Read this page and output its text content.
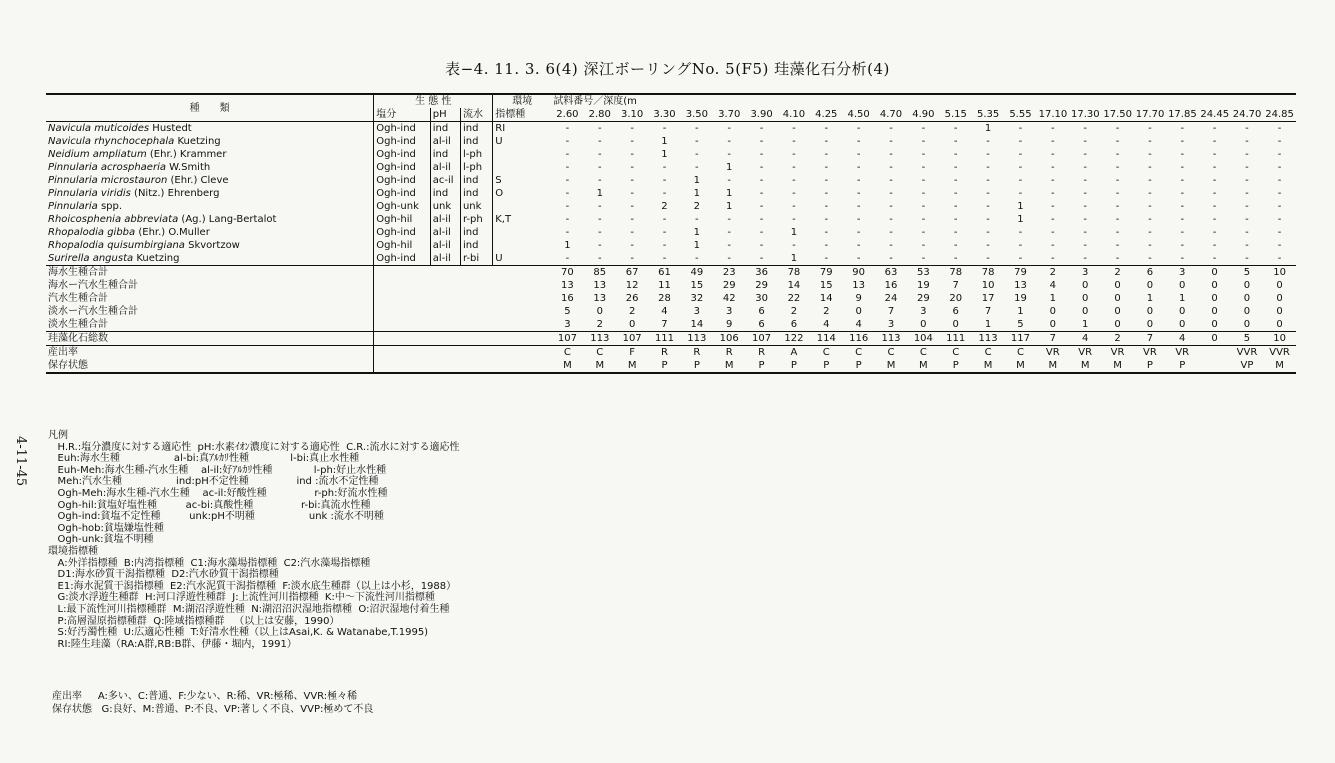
表−4. 11. 3. 6(4) 深江ボーリングNo. 5(F5) 珪藻化石分析(4)
4-11-45
種　　類	生 態 性			環境	試料番号／深度(m																						
	塩分	pH	流水	指標種	2.60	2.80	3.10	3.30	3.50	3.70	3.90	4.10	4.25	4.50	4.70	4.90	5.15	5.35	5.55	17.10	17.30	17.50	17.70	17.85	24.45	24.70	24.85
Navicula muticoides Hustedt	Ogh-ind	ind	ind	RI	-	-	-	-	-	-	-	-	-	-	-	-	-	1	-	-	-	-	-	-	-	-	-
Navicula rhynchocephala Kuetzing	Ogh-ind	al-il	ind	U	-	-	-	1	-	-	-	-	-	-	-	-	-	-	-	-	-	-	-	-	-	-	-
Neidium ampliatum (Ehr.) Krammer	Ogh-ind	ind	l-ph		-	-	-	1	-	-	-	-	-	-	-	-	-	-	-	-	-	-	-	-	-	-	-
Pinnularia acrosphaeria W.Smith	Ogh-ind	al-il	l-ph		-	-	-	-	-	1	-	-	-	-	-	-	-	-	-	-	-	-	-	-	-	-	-
Pinnularia microstauron (Ehr.) Cleve	Ogh-ind	ac-il	ind	S	-	-	-	-	1	-	-	-	-	-	-	-	-	-	-	-	-	-	-	-	-	-	-
Pinnularia viridis (Nitz.) Ehrenberg	Ogh-ind	ind	ind	O	-	1	-	-	1	1	-	-	-	-	-	-	-	-	-	-	-	-	-	-	-	-	-
Pinnularia spp.	Ogh-unk	unk	unk		-	-	-	2	2	1	-	-	-	-	-	-	-	-	1	-	-	-	-	-	-	-	-
Rhoicosphenia abbreviata (Ag.) Lang-Bertalot	Ogh-hil	al-il	r-ph	K,T	-	-	-	-	-	-	-	-	-	-	-	-	-	-	1	-	-	-	-	-	-	-	-
Rhopalodia gibba (Ehr.) O.Muller	Ogh-ind	al-il	ind		-	-	-	-	1	-	-	1	-	-	-	-	-	-	-	-	-	-	-	-	-	-	-
Rhopalodia quisumbirgiana Skvortzow	Ogh-hil	al-il	ind		1	-	-	-	1	-	-	-	-	-	-	-	-	-	-	-	-	-	-	-	-	-	-
Surirella angusta Kuetzing	Ogh-ind	al-il	r-bi	U	-	-	-	-	-	-	-	1	-	-	-	-	-	-	-	-	-	-	-	-	-	-	-
海水生種合計					70	85	67	61	49	23	36	78	79	90	63	53	78	78	79	2	3	2	6	3	0	5	10
海水ー汽水生種合計					13	13	12	11	15	29	29	14	15	13	16	19	7	10	13	4	0	0	0	0	0	0	0
汽水生種合計					16	13	26	28	32	42	30	22	14	9	24	29	20	17	19	1	0	0	1	1	0	0	0
淡水ー汽水生種合計					5	0	2	4	3	3	6	2	2	0	7	3	6	7	1	0	0	0	0	0	0	0	0
淡水生種合計					3	2	0	7	14	9	6	6	4	4	3	0	0	1	5	0	1	0	0	0	0	0	0
珪藻化石総数					107	113	107	111	113	106	107	122	114	116	113	104	111	113	117	7	4	2	7	4	0	5	10
産出率					C	C	F	R	R	R	R	A	C	C	C	C	C	C	C	VR	VR	VR	VR	VR		VVR	VVR
保存状態					M	M	M	P	P	M	P	P	P	P	M	M	P	M	M	M	M	M	P	P		VP	M
凡例
H.R.:塩分濃度に対する適応性  pH:水素ｲｵﾝ濃度に対する適応性  C.R.:流水に対する適応性
Euh:海水生種                 al-bi:真ｱﾙｶﾘ性種             l-bi:真止水性種
Euh-Meh:海水生種-汽水生種    al-il:好ｱﾙｶﾘ性種             l-ph:好止水性種
Meh:汽水生種                 ind:pH不定性種               ind :流水不定性種
Ogh-Meh:海水生種-汽水生種    ac-il:好酸性種               r-ph:好流水性種
Ogh-hil:貧塩好塩性種         ac-bi:真酸性種               r-bi:真流水性種
Ogh-ind:貧塩不定性種         unk:pH不明種                 unk :流水不明種
Ogh-hob:貧塩嫌塩性種
Ogh-unk:貧塩不明種
環境指標種
A:外洋指標種  B:内湾指標種  C1:海水藻場指標種  C2:汽水藻場指標種
D1:海水砂質干潟指標種  D2:汽水砂質干潟指標種
E1:海水泥質干潟指標種  E2:汽水泥質干潟指標種  F:淡水底生種群（以上は小杉，1988）
G:淡水浮遊生種群  H:河口浮遊性種群  J:上流性河川指標種  K:中～下流性河川指標種
L:最下流性河川指標種群  M:湖沼浮遊性種  N:湖沼沼沢湿地指標種  O:沼沢湿地付着生種
P:高層湿原指標種群  Q:陸域指標種群   （以上は安藤，1990）
S:好汚濁性種  U:広適応性種  T:好清水性種（以上はAsai,K. & Watanabe,T.1995)
RI:陸生珪藻（RA:A群,RB:B群、伊藤・堀内，1991）
産出率     A:多い、C:普通、F:少ない、R:稀、VR:極稀、VVR:極々稀
保存状態   G:良好、M:普通、P:不良、VP:著しく不良、VVP:極めて不良
